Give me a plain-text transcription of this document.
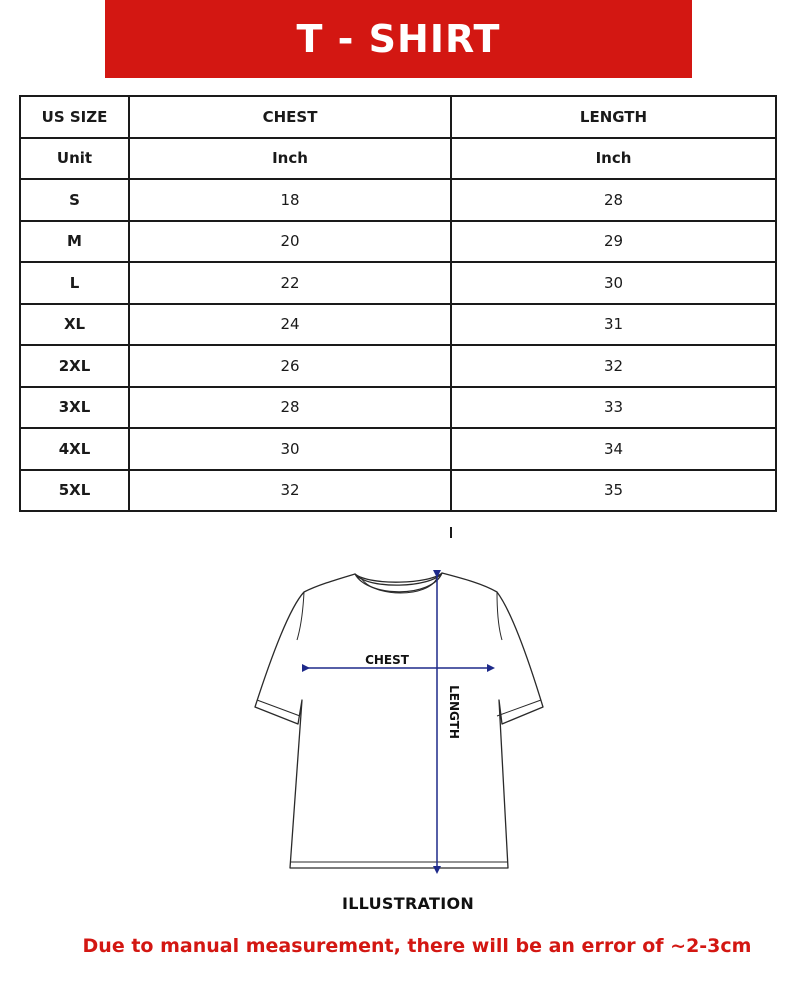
T - SHIRT
US SIZE	CHEST	LENGTH
Unit	Inch	Inch
S	18	28
M	20	29
L	22	30
XL	24	31
2XL	26	32
3XL	28	33
4XL	30	34
5XL	32	35
CHEST
LENGTH
ILLUSTRATION
Due to manual measurement, there will be an error of ~2-3cm
